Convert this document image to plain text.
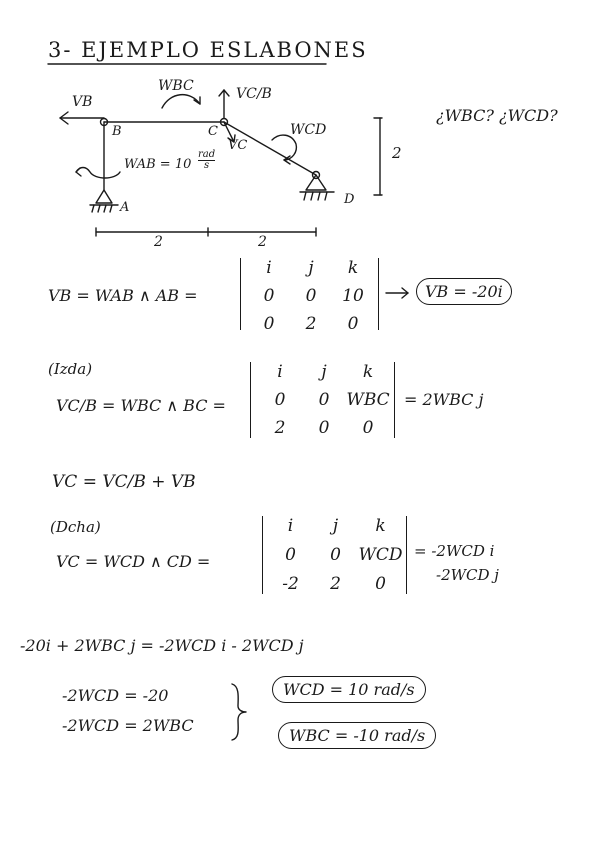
3- EJEMPLO ESLABONES
VB
WBC	VC/B
B	C
VC
WCD
WAB = 10
rad
s
A
D
2
2	2
¿WBC? ¿WCD?
VB = WAB ∧ AB =
i	j	k
0	0	10
0	2	0
VB = -20i
(Izda)
VC/B = WBC ∧ BC =
i	j	k
0	0 WBC
2	0	0
= 2WBC j
VC = VC/B + VB
(Dcha)
VC = WCD ∧ CD =
i	j	k
0	0	WCD
-2	2	0
= -2WCD i
-2WCD j
-20i + 2WBC j = -2WCD i - 2WCD j
-2WCD = -20
-2WCD = 2WBC
WCD = 10 rad/s
WBC = -10 rad/s
